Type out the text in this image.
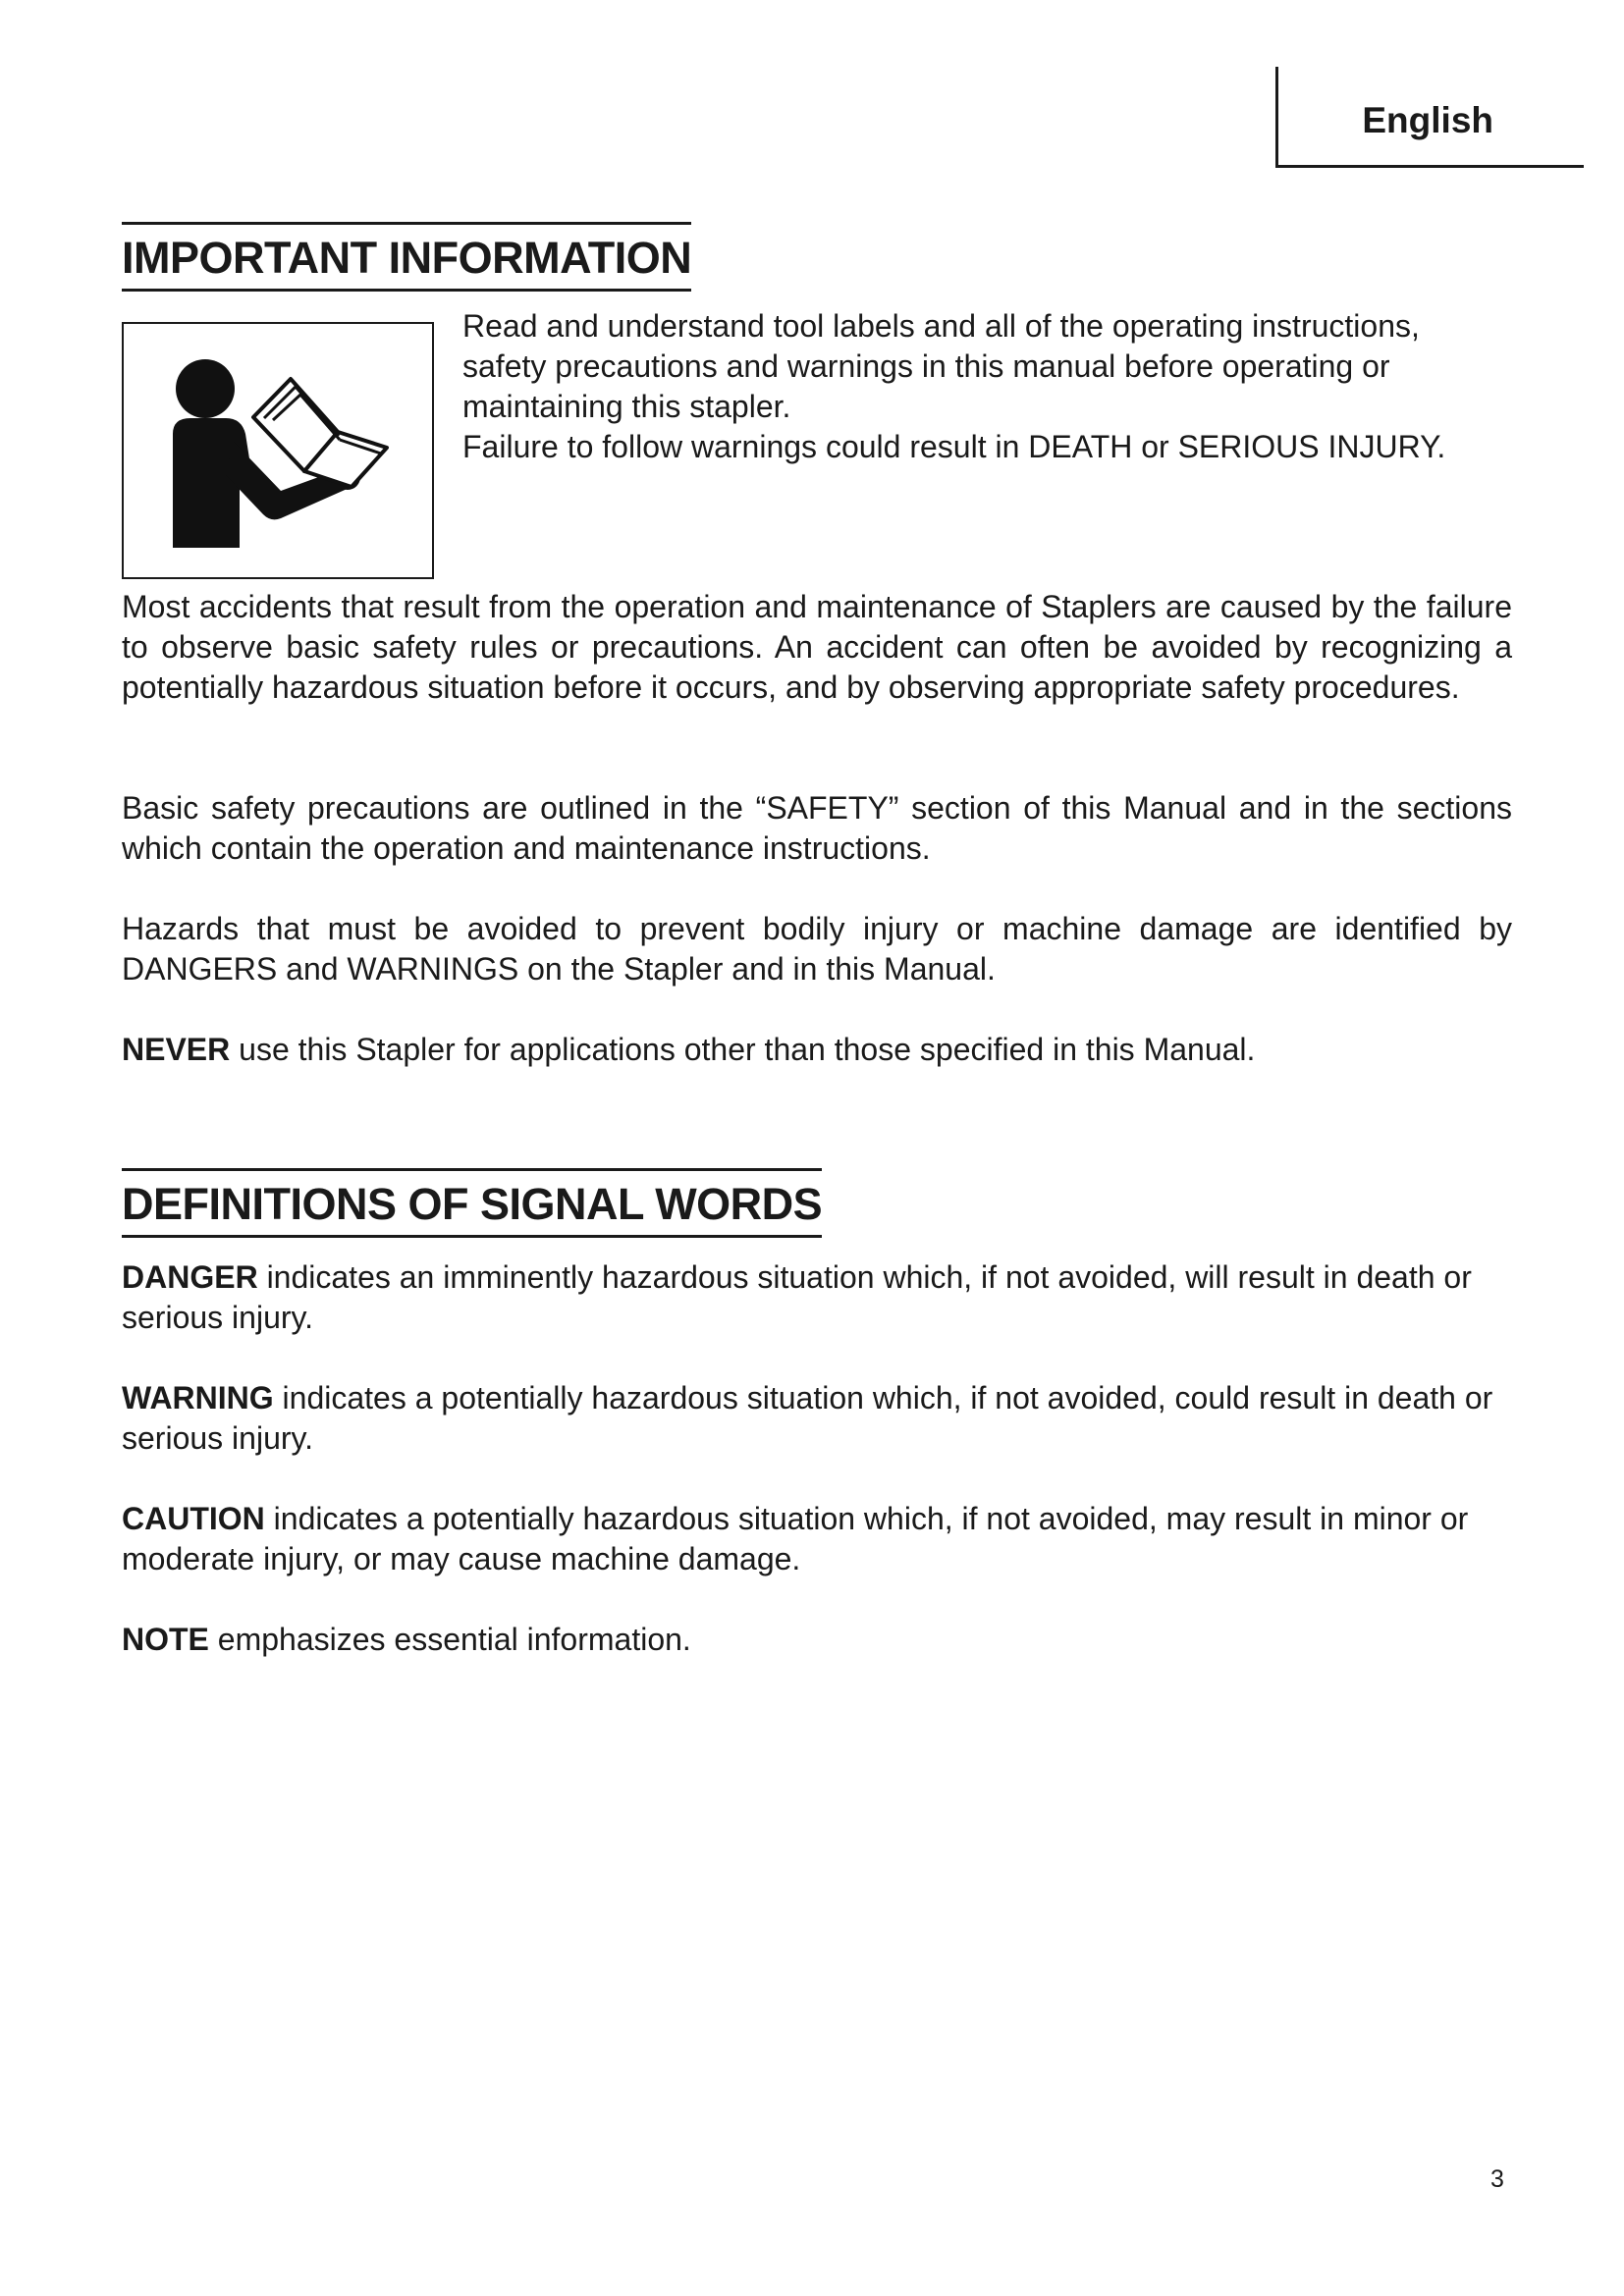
English
IMPORTANT INFORMATION

Read and understand tool labels and all of the operating instructions, safety precautions and warnings in this manual before operating or maintaining this stapler.

Failure to follow warnings could result in DEATH or SERIOUS INJURY.

Most accidents that result from the operation and maintenance of Staplers are caused by the failure to observe basic safety rules or precautions. An accident can often be avoided by recognizing a potentially hazardous situation before it occurs, and by observing appropriate safety procedures.

Basic safety precautions are outlined in the “SAFETY” section of this Manual and in the sections which contain the operation and maintenance instructions.

Hazards that must be avoided to prevent bodily injury or machine damage are identified by DANGERS and WARNINGS on the Stapler and in this Manual.

NEVER use this Stapler for applications other than those specified in this Manual.

DEFINITIONS OF SIGNAL WORDS

DANGER indicates an imminently hazardous situation which, if not avoided, will result in death or serious injury.

WARNING indicates a potentially hazardous situation which, if not avoided, could result in death or serious injury.

CAUTION indicates a potentially hazardous situation which, if not avoided, may result in minor or moderate injury, or may cause machine damage.

NOTE emphasizes essential information.

3
